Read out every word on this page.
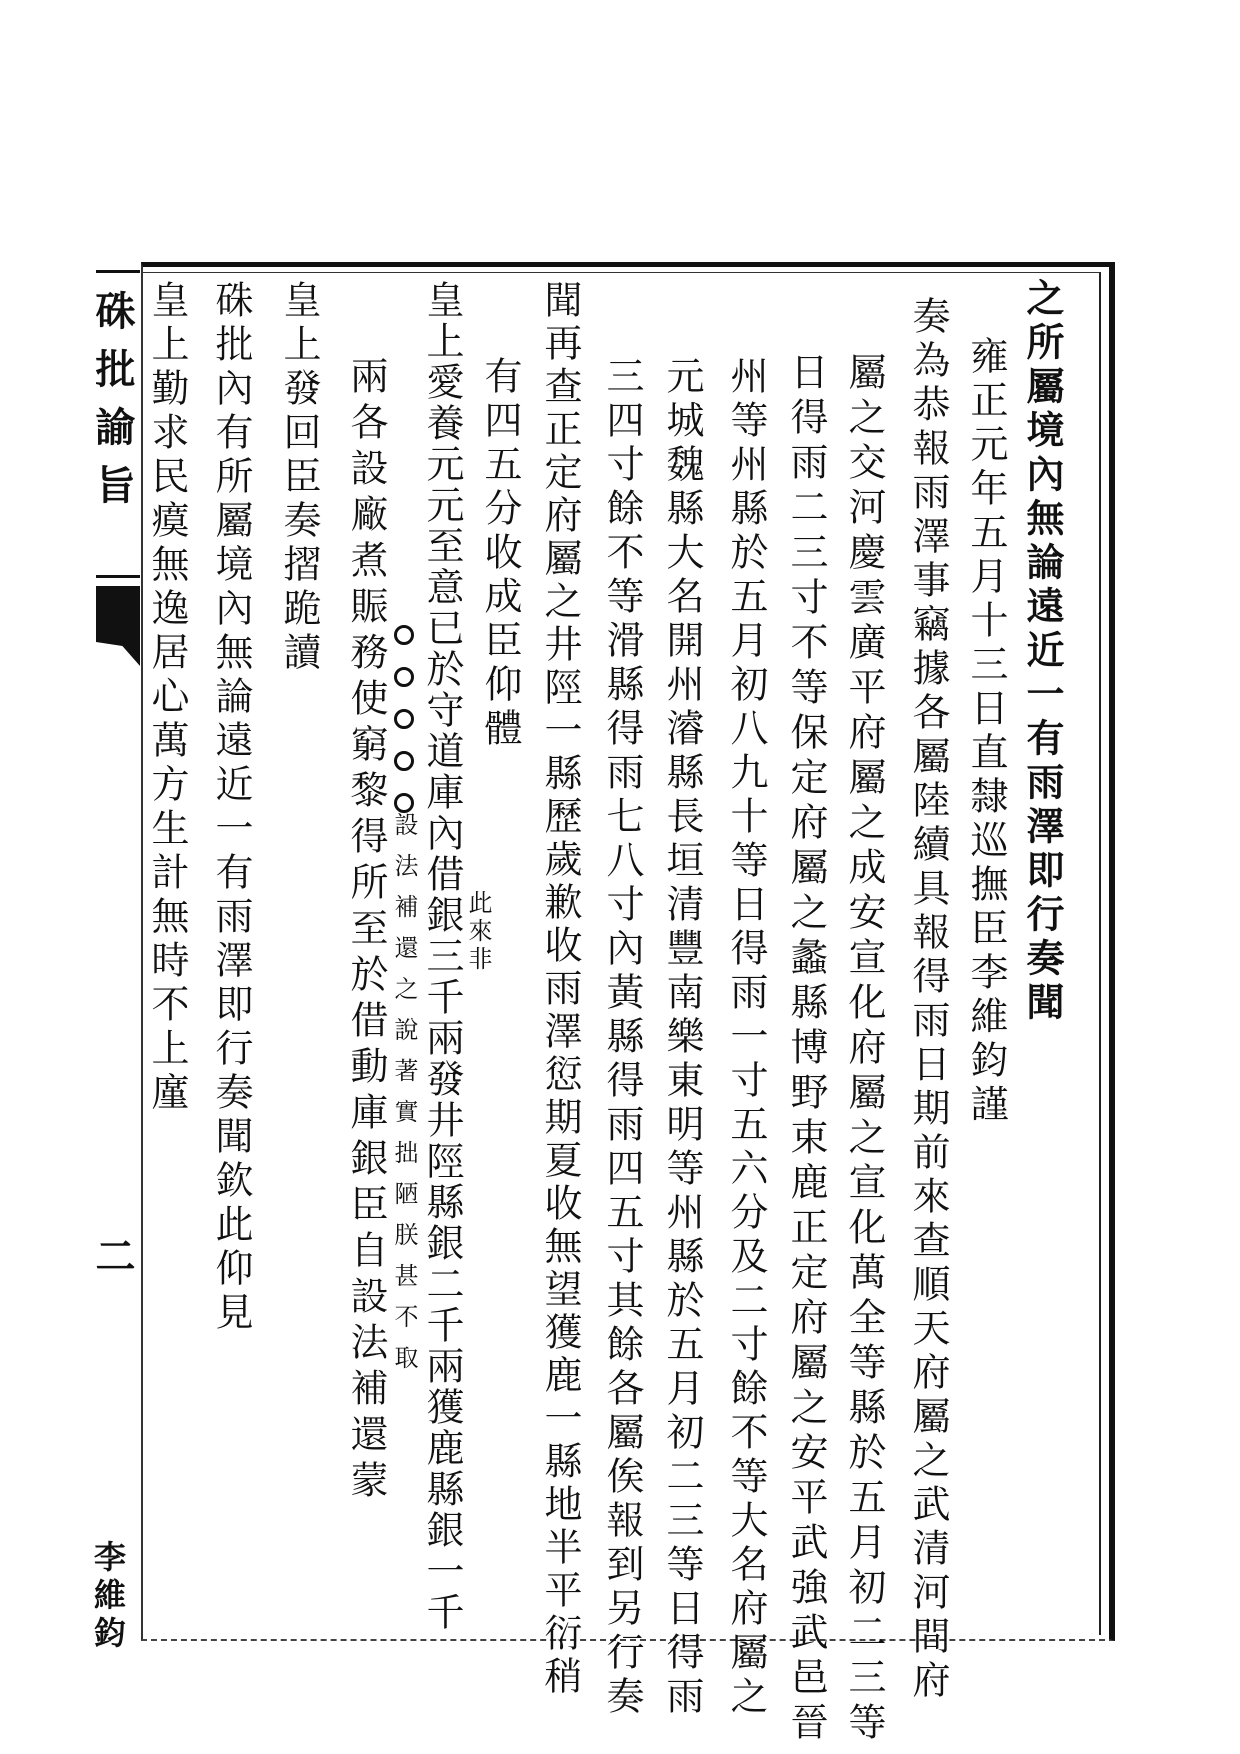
硃批諭旨
二
李維鈞
之所屬境內無論遠近一有雨澤即行奏聞
雍正元年五月十三日直隸巡撫臣李維鈞謹
奏為恭報雨澤事竊據各屬陸續具報得雨日期前來查順天府屬之武清河間府
屬之交河慶雲廣平府屬之成安宣化府屬之宣化萬全等縣於五月初二三等
日得雨二三寸不等保定府屬之蠡縣博野束鹿正定府屬之安平武強武邑晉
州等州縣於五月初八九十等日得雨一寸五六分及二寸餘不等大名府屬之
元城魏縣大名開州濬縣長垣清豐南樂東明等州縣於五月初二三等日得雨
三四寸餘不等滑縣得雨七八寸內黃縣得雨四五寸其餘各屬俟報到另行奏
聞再查正定府屬之井陘一縣歷歲歉收雨澤愆期夏收無望獲鹿一縣地半平衍稍
有四五分收成臣仰體
皇上愛養元元至意已於守道庫內借銀三千兩發井陘縣銀二千兩獲鹿縣銀一千
兩各設廠煮賑務使窮黎得所至於借動庫銀臣自設法補還蒙
皇上發回臣奏摺跪讀
硃批內有所屬境內無論遠近一有雨澤即行奏聞欽此仰見
皇上勤求民瘼無逸居心萬方生計無時不上廑	此來非
設法補還之說著實拙陋朕甚不取
